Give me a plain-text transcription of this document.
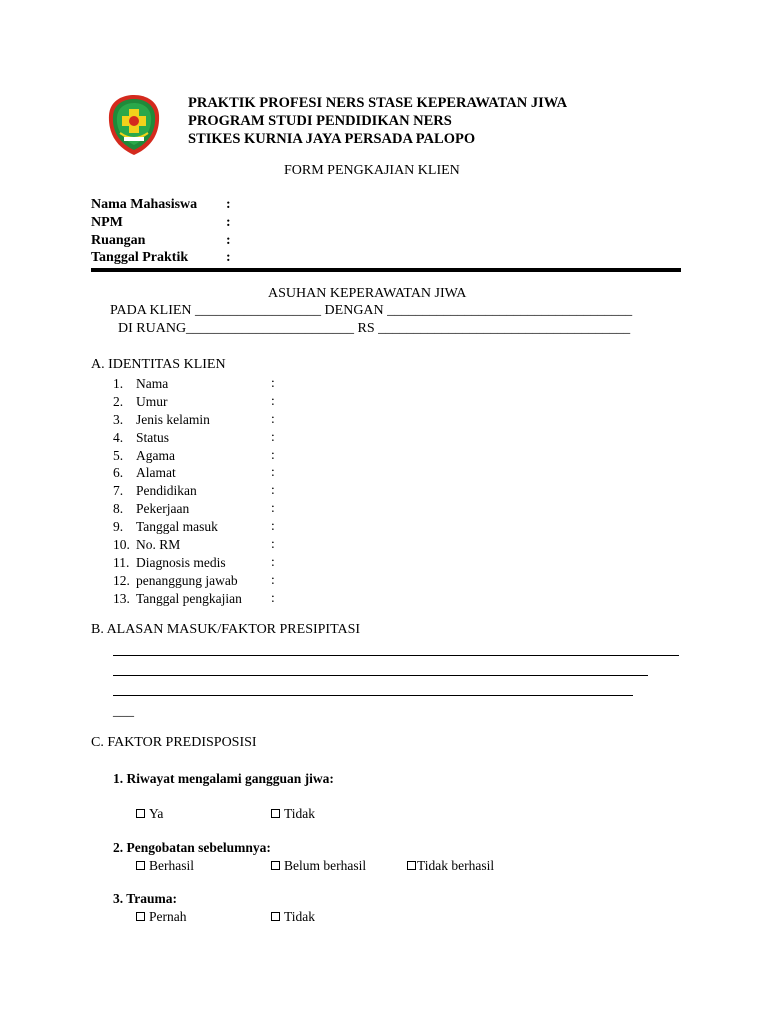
PRAKTIK PROFESI NERS STASE KEPERAWATAN JIWA
PROGRAM STUDI PENDIDIKAN NERS
STIKES KURNIA JAYA PERSADA PALOPO
FORM PENGKAJIAN KLIEN
Nama Mahasiswa :
NPM	:
Ruangan	:
Tanggal Praktik	:
ASUHAN KEPERAWATAN JIWA
PADA KLIEN __________________ DENGAN ___________________________________
DI RUANG________________________ RS ____________________________________
A. IDENTITAS KLIEN
1. Nama	:
2. Umur	:
3. Jenis kelamin	:
4. Status	:
5. Agama	:
6. Alamat	:
7. Pendidikan	:
8. Pekerjaan	:
9. Tanggal masuk	:
10. No. RM	:
11. Diagnosis medis	:
12. penanggung jawab :
13. Tanggal pengkajian :
B. ALASAN MASUK/FAKTOR PRESIPITASI
___
C. FAKTOR PREDISPOSISI
1. Riwayat mengalami gangguan jiwa:
Ya	Tidak
2. Pengobatan sebelumnya:
Berhasil	Belum berhasil	Tidak berhasil
3. Trauma:
Pernah	Tidak
